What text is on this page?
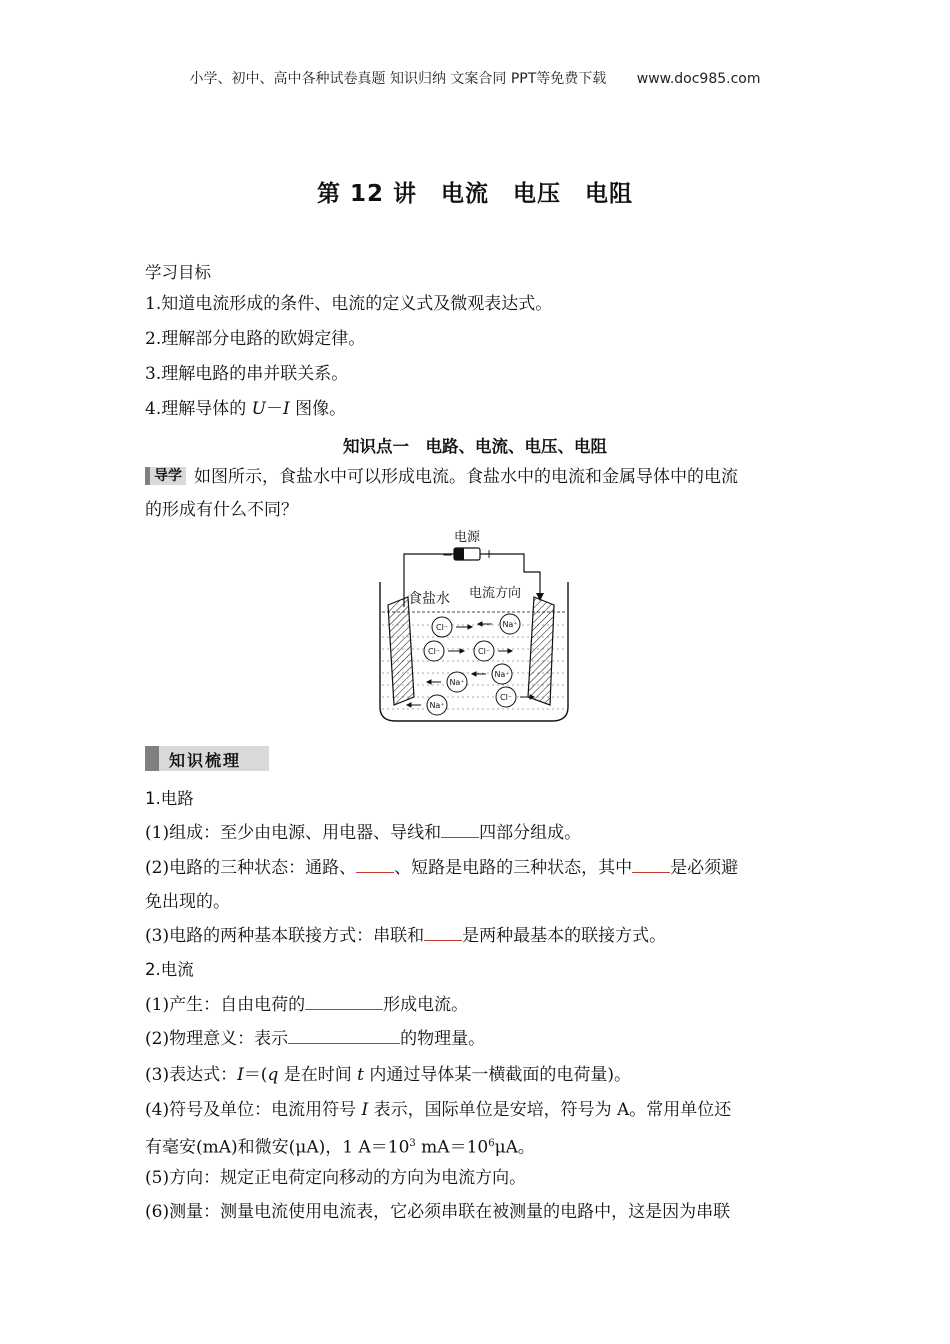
小学、初中、高中各种试卷真题 知识归纳 文案合同 PPT等免费下载 www.doc985.com
第 12 讲　电流　电压　电阻
学习目标
1.知道电流形成的条件、电流的定义式及微观表达式。
2.理解部分电路的欧姆定律。
3.理解电路的串并联关系。
4.理解导体的 U－I 图像。
知识点一　电路、电流、电压、电阻
导学 如图所示，食盐水中可以形成电流。食盐水中的电流和金属导体中的电流
的形成有什么不同？
电源
−	+
食盐水 电流方向
Cl⁻	Na⁺
Cl⁻	Cl⁻
Na⁺
Na⁺
Cl⁻
Na⁺
知识梳理
1.电路
(1)组成：至少由电源、用电器、导线和 四部分组成。
(2)电路的三种状态：通路、 、短路是电路的三种状态，其中 是必须避
免出现的。
(3)电路的两种基本联接方式：串联和 是两种最基本的联接方式。
2.电流
(1)产生：自由电荷的	形成电流。
(2)物理意义：表示	的物理量。
(3)表达式：I＝(q 是在时间 t 内通过导体某一横截面的电荷量)。
(4)符号及单位：电流用符号 I 表示，国际单位是安培，符号为 A。常用单位还
有毫安(mA)和微安(μA)，1 $A=10^3$ $mA=10^6\mu A$。
(5)方向：规定正电荷定向移动的方向为电流方向。
(6)测量：测量电流使用电流表，它必须串联在被测量的电路中，这是因为串联
